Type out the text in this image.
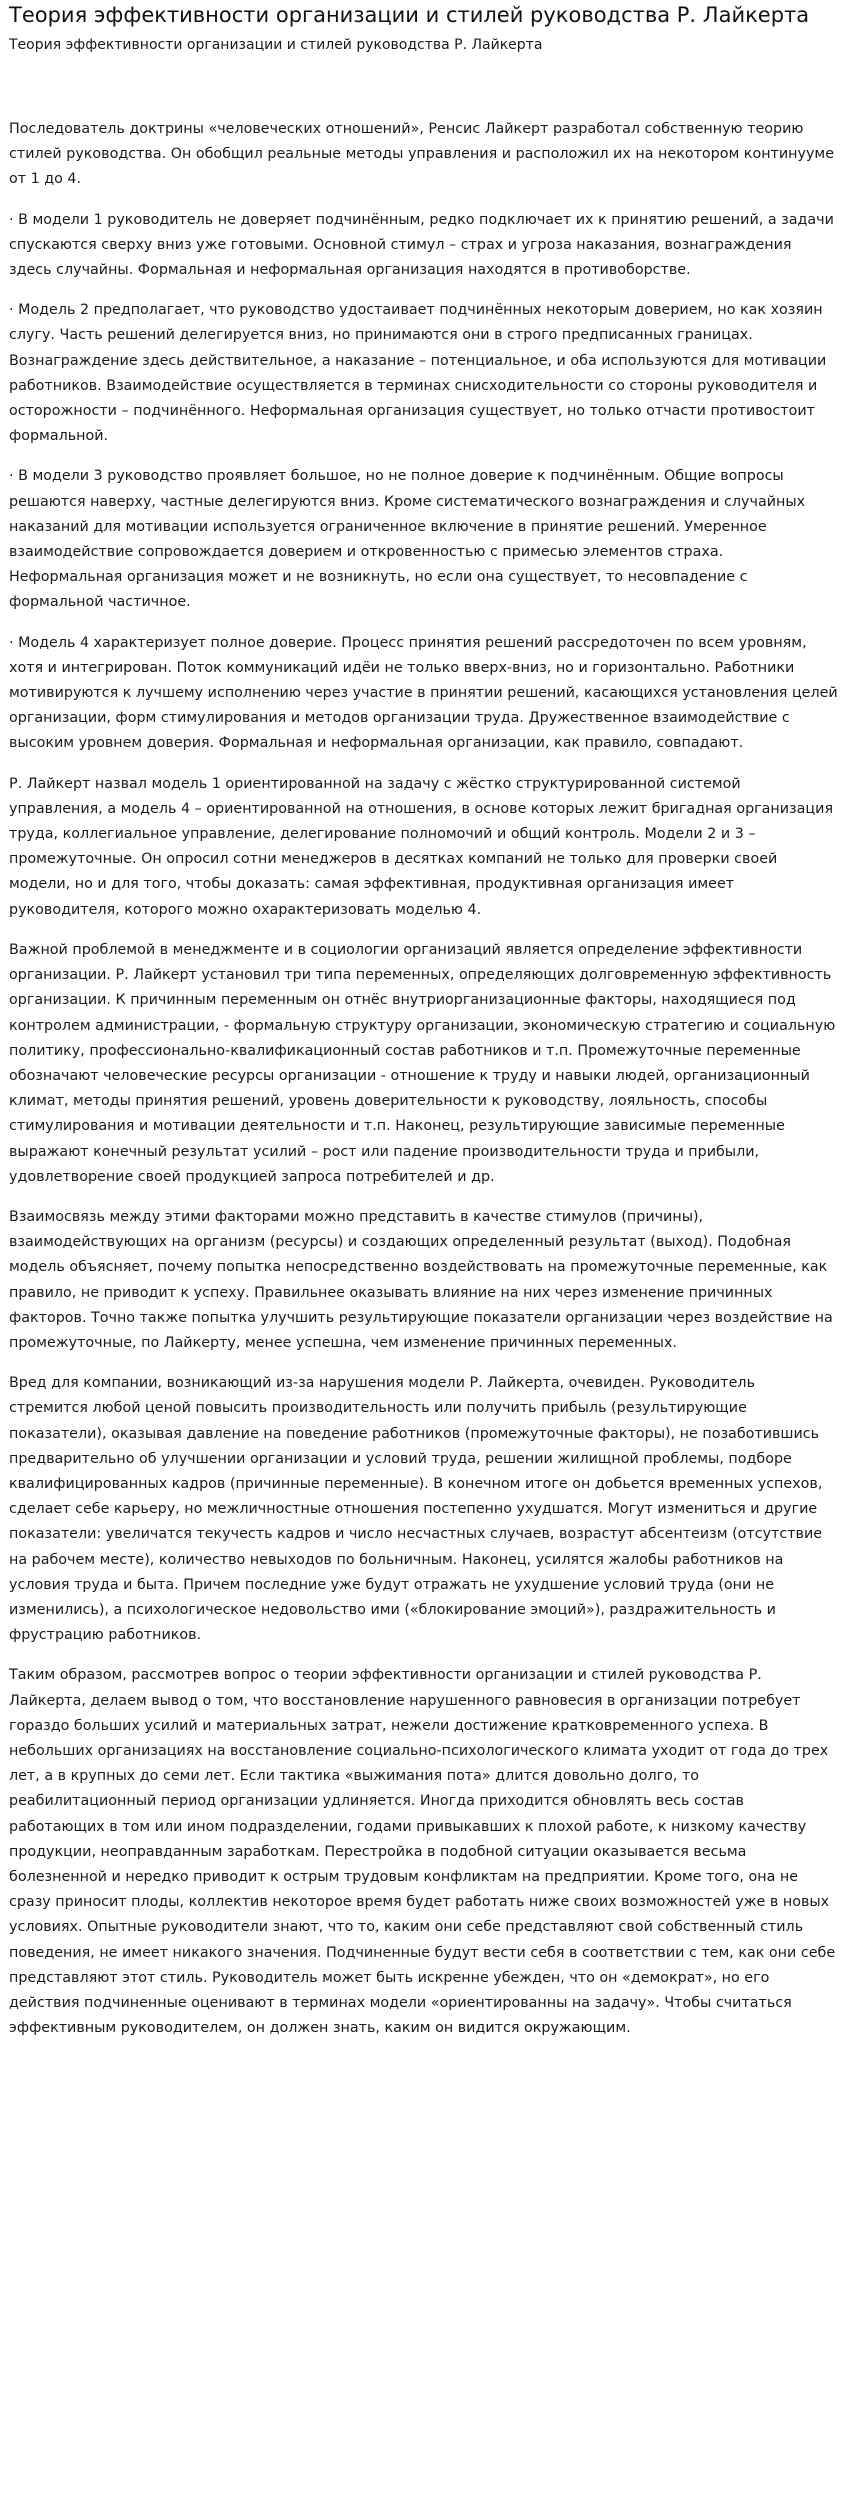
Теория эффективности организации и стилей руководства Р. Лайкерта
Теория эффективности организации и стилей руководства Р. Лайкерта

Последователь доктрины «человеческих отношений», Ренсис Лайкерт разработал собственную теорию стилей руководства. Он обобщил реальные методы управления и расположил их на некотором континууме от 1 до 4.

· В модели 1 руководитель не доверяет подчинённым, редко подключает их к принятию решений, а задачи спускаются сверху вниз уже готовыми. Основной стимул – страх и угроза наказания, вознаграждения здесь случайны. Формальная и неформальная организация находятся в противоборстве.

· Модель 2 предполагает, что руководство удостаивает подчинённых некоторым доверием, но как хозяин слугу. Часть решений делегируется вниз, но принимаются они в строго предписанных границах. Вознаграждение здесь действительное, а наказание – потенциальное, и оба используются для мотивации работников. Взаимодействие осуществляется в терминах снисходительности со стороны руководителя и осторожности – подчинённого. Неформальная организация существует, но только отчасти противостоит формальной.

· В модели 3 руководство проявляет большое, но не полное доверие к подчинённым. Общие вопросы решаются наверху, частные делегируются вниз. Кроме систематического вознаграждения и случайных наказаний для мотивации используется ограниченное включение в принятие решений. Умеренное взаимодействие сопровождается доверием и откровенностью с примесью элементов страха. Неформальная организация может и не возникнуть, но если она существует, то несовпадение с формальной частичное.

· Модель 4 характеризует полное доверие. Процесс принятия решений рассредоточен по всем уровням, хотя и интегрирован. Поток коммуникаций идёи не только вверх-вниз, но и горизонтально. Работники мотивируются к лучшему исполнению через участие в принятии решений, касающихся установления целей организации, форм стимулирования и методов организации труда. Дружественное взаимодействие с высоким уровнем доверия. Формальная и неформальная организации, как правило, совпадают.

Р. Лайкерт назвал модель 1 ориентированной на задачу с жёстко структурированной системой управления, а модель 4 – ориентированной на отношения, в основе которых лежит бригадная организация труда, коллегиальное управление, делегирование полномочий и общий контроль. Модели 2 и 3 – промежуточные. Он опросил сотни менеджеров в десятках компаний не только для проверки своей модели, но и для того, чтобы доказать: самая эффективная, продуктивная организация имеет руководителя, которого можно охарактеризовать моделью 4.

Важной проблемой в менеджменте и в социологии организаций является определение эффективности организации. Р. Лайкерт установил три типа переменных, определяющих долговременную эффективность организации. К причинным переменным он отнёс внутриорганизационные факторы, находящиеся под контролем администрации, - формальную структуру организации, экономическую стратегию и социальную политику, профессионально-квалификационный состав работников и т.п. Промежуточные переменные обозначают человеческие ресурсы организации - отношение к труду и навыки людей, организационный климат, методы принятия решений, уровень доверительности к руководству, лояльность, способы стимулирования и мотивации деятельности и т.п. Наконец, результирующие зависимые переменные выражают конечный результат усилий – рост или падение производительности труда и прибыли, удовлетворение своей продукцией запроса потребителей и др.

Взаимосвязь между этими факторами можно представить в качестве стимулов (причины), взаимодействующих на организм (ресурсы) и создающих определенный результат (выход). Подобная модель объясняет, почему попытка непосредственно воздействовать на промежуточные переменные, как правило, не приводит к успеху. Правильнее оказывать влияние на них через изменение причинных факторов. Точно также попытка улучшить результирующие показатели организации через воздействие на промежуточные, по Лайкерту, менее успешна, чем изменение причинных переменных.

Вред для компании, возникающий из-за нарушения модели Р. Лайкерта, очевиден. Руководитель стремится любой ценой повысить производительность или получить прибыль (результирующие показатели), оказывая давление на поведение работников (промежуточные факторы), не позаботившись предварительно об улучшении организации и условий труда, решении жилищной проблемы, подборе квалифицированных кадров (причинные переменные). В конечном итоге он добьется временных успехов, сделает себе карьеру, но межличностные отношения постепенно ухудшатся. Могут измениться и другие показатели: увеличатся текучесть кадров и число несчастных случаев, возрастут абсентеизм (отсутствие на рабочем месте), количество невыходов по больничным. Наконец, усилятся жалобы работников на условия труда и быта. Причем последние уже будут отражать не ухудшение условий труда (они не изменились), а психологическое недовольство ими («блокирование эмоций»), раздражительность и фрустрацию работников.

Таким образом, рассмотрев вопрос о теории эффективности организации и стилей руководства Р. Лайкерта, делаем вывод о том, что восстановление нарушенного равновесия в организации потребует гораздо больших усилий и материальных затрат, нежели достижение кратковременного успеха. В небольших организациях на восстановление социально-психологического климата уходит от года до трех лет, а в крупных до семи лет. Если тактика «выжимания пота» длится довольно долго, то реабилитационный период организации удлиняется. Иногда приходится обновлять весь состав работающих в том или ином подразделении, годами привыкавших к плохой работе, к низкому качеству продукции, неоправданным заработкам. Перестройка в подобной ситуации оказывается весьма болезненной и нередко приводит к острым трудовым конфликтам на предприятии. Кроме того, она не сразу приносит плоды, коллектив некоторое время будет работать ниже своих возможностей уже в новых условиях. Опытные руководители знают, что то, каким они себе представляют свой собственный стиль поведения, не имеет никакого значения. Подчиненные будут вести себя в соответствии с тем, как они себе представляют этот стиль. Руководитель может быть искренне убежден, что он «демократ», но его действия подчиненные оценивают в терминах модели «ориентированны на задачу». Чтобы считаться эффективным руководителем, он должен знать, каким он видится окружающим.
